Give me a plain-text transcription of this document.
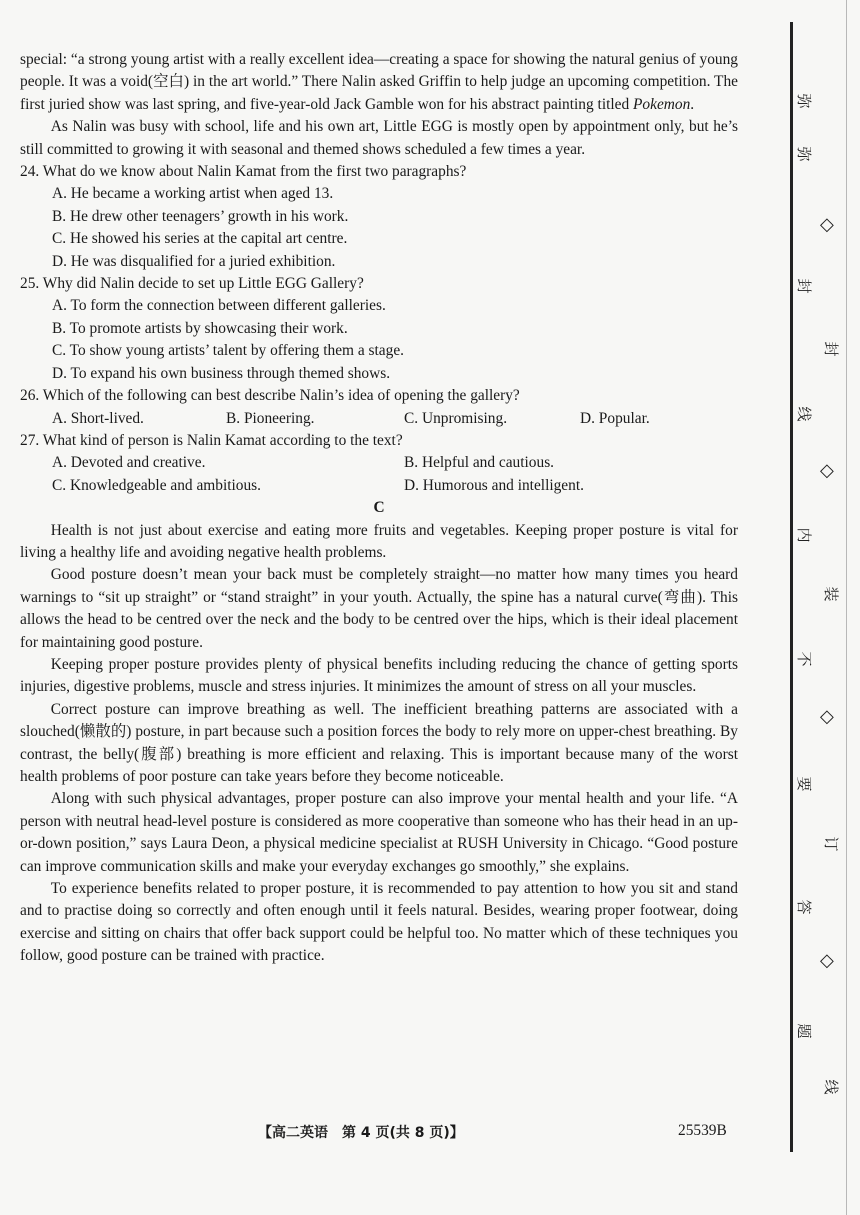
special: “a strong young artist with a really excellent idea—creating a space for showing the natural genius of young people. It was a void(空白) in the art world.” There Nalin asked Griffin to help judge an upcoming competition. The first juried show was last spring, and five-year-old Jack Gamble won for his abstract painting titled Pokemon.

As Nalin was busy with school, life and his own art, Little EGG is mostly open by appointment only, but he’s still committed to growing it with seasonal and themed shows scheduled a few times a year.

24. What do we know about Nalin Kamat from the first two paragraphs?
A. He became a working artist when aged 13.
B. He drew other teenagers’ growth in his work.
C. He showed his series at the capital art centre.
D. He was disqualified for a juried exhibition.
25. Why did Nalin decide to set up Little EGG Gallery?
A. To form the connection between different galleries.
B. To promote artists by showcasing their work.
C. To show young artists’ talent by offering them a stage.
D. To expand his own business through themed shows.
26. Which of the following can best describe Nalin’s idea of opening the gallery?
A. Short-lived.	B. Pioneering.	C. Unpromising.	D. Popular.
27. What kind of person is Nalin Kamat according to the text?
A. Devoted and creative.	B. Helpful and cautious.
C. Knowledgeable and ambitious.	D. Humorous and intelligent.
C

Health is not just about exercise and eating more fruits and vegetables. Keeping proper posture is vital for living a healthy life and avoiding negative health problems.

Good posture doesn’t mean your back must be completely straight—no matter how many times you heard warnings to “sit up straight” or “stand straight” in your youth. Actually, the spine has a natural curve(弯曲). This allows the head to be centred over the neck and the body to be centred over the hips, which is their ideal placement for maintaining good posture.

Keeping proper posture provides plenty of physical benefits including reducing the chance of getting sports injuries, digestive problems, muscle and stress injuries. It minimizes the amount of stress on all your muscles.

Correct posture can improve breathing as well. The inefficient breathing patterns are associated with a slouched(懒散的) posture, in part because such a position forces the body to rely more on upper-chest breathing. By contrast, the belly(腹部) breathing is more efficient and relaxing. This is important because many of the worst health problems of poor posture can take years before they become noticeable.

Along with such physical advantages, proper posture can also improve your mental health and your life. “A person with neutral head-level posture is considered as more cooperative than someone who has their head in an up-or-down position,” says Laura Deon, a physical medicine specialist at RUSH University in Chicago. “Good posture can improve communication skills and make your everyday exchanges go smoothly,” she explains.

To experience benefits related to proper posture, it is recommended to pay attention to how you sit and stand and to practise doing so correctly and often enough until it feels natural. Besides, wearing proper footwear, doing exercise and sitting on chairs that offer back support could be helpful too. No matter which of these techniques you follow, good posture can be trained with practice.

【高二英语　第 4 页(共 8 页)】	25539B
弥
弥
封
线
内
不
要
答
题
封
装
订
线
◇
◇
◇
◇
